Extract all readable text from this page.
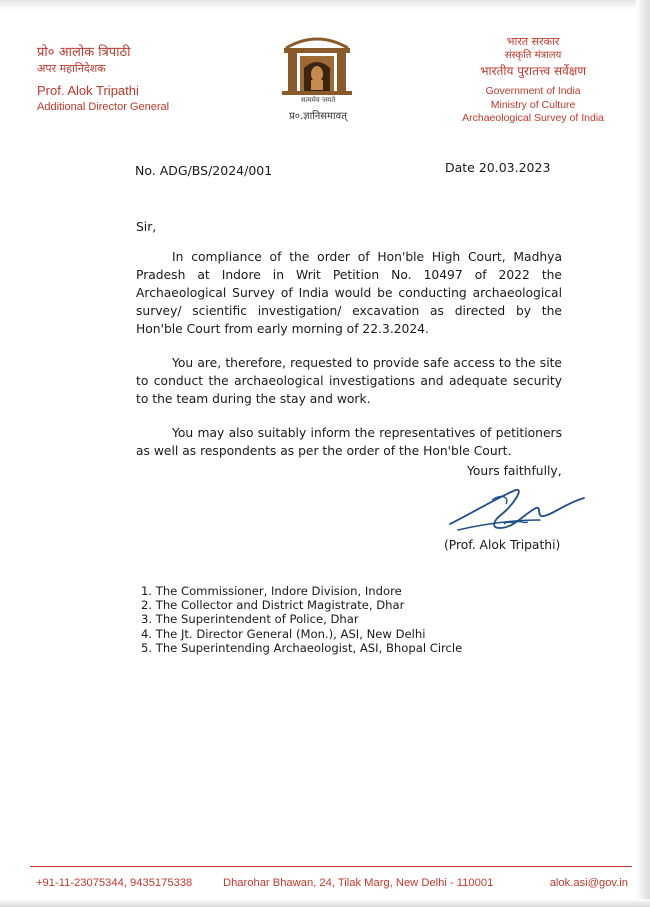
प्रो० आलोक त्रिपाठी
अपर महानिदेशक
Prof. Alok Tripathi
Additional Director General
सत्यमेव जयते
प्र०.ज्ञानिसमावत्
भारत सरकार
संस्कृति मंत्रालय
भारतीय पुरातत्त्व सर्वेक्षण
Government of India
Ministry of Culture
Archaeological Survey of India
No. ADG/BS/2024/001	Date 20.03.2023

Sir,

In compliance of the order of Hon'ble High Court, Madhya Pradesh at Indore in Writ Petition No. 10497 of 2022 the Archaeological Survey of India would be conducting archaeological survey/ scientific investigation/ excavation as directed by the Hon'ble Court from early morning of 22.3.2024.

You are, therefore, requested to provide safe access to the site to conduct the archaeological investigations and adequate security to the team during the stay and work.

You may also suitably inform the representatives of petitioners as well as respondents as per the order of the Hon'ble Court.

Yours faithfully,
(Prof. Alok Tripathi)
1. The Commissioner, Indore Division, Indore
2. The Collector and District Magistrate, Dhar
3. The Superintendent of Police, Dhar
4. The Jt. Director General (Mon.), ASI, New Delhi
5. The Superintending Archaeologist, ASI, Bhopal Circle
+91-11-23075344, 9435175338	Dharohar Bhawan, 24, Tilak Marg, New Delhi - 110001	alok.asi@gov.in
